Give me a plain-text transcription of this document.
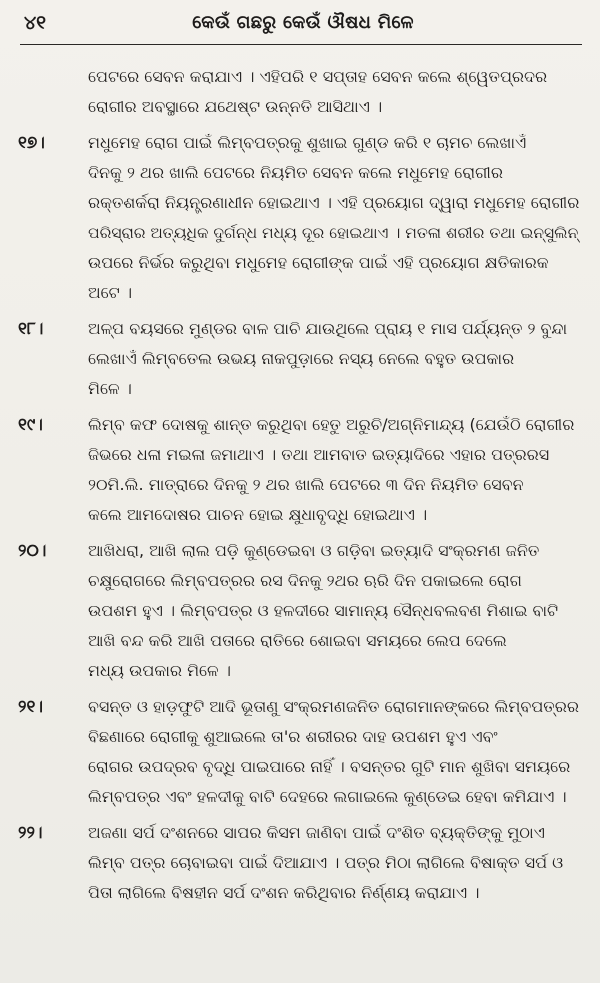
୪୧	କେଉଁ ଗଛରୁ କେଉଁ ଔଷଧ ମିଳେ
ପେଟରେ ସେବନ କରାଯାଏ । ଏହିପରି ୧ ସପ୍ତାହ ସେବନ କଲେ ଶ୍ୱେତପ୍ରଦର
ରୋଗୀର ଅବସ୍ଥାରେ ଯଥେଷ୍ଟ ଉନ୍ନତି ଆସିଥାଏ ।
୧୭।	ମଧୁମେହ ରୋଗ ପାଇଁ ଲିମ୍ବପତ୍ରକୁ ଶୁଖାଇ ଗୁଣ୍ଡ କରି ୧ ଚାମଚ ଲେଖାଏଁ
ଦିନକୁ ୨ ଥର ଖାଲି ପେଟରେ ନିୟମିତ ସେବନ କଲେ ମଧୁମେହ ରୋଗୀର
ରକ୍ତଶର୍କରା ନିୟନ୍ତ୍ରଣାଧୀନ ହୋଇଥାଏ । ଏହି ପ୍ରୟୋଗ ଦ୍ୱାରା ମଧୁମେହ ରୋଗୀର
ପରିସ୍ରାର ଅତ୍ୟଧିକ ଦୁର୍ଗନ୍ଧ ମଧ୍ୟ ଦୂର ହୋଇଥାଏ । ମତଳା ଶରୀର ତଥା ଇନ୍ସୁଲିନ୍
ଉପରେ ନିର୍ଭର କରୁଥିବା ମଧୁମେହ ରୋଗୀଙ୍କ ପାଇଁ ଏହି ପ୍ରୟୋଗ କ୍ଷତିକାରକ
ଅଟେ ।
୧୮।	ଅଳ୍ପ ବୟସରେ ମୁଣ୍ଡର ବାଳ ପାଚି ଯାଉଥିଲେ ପ୍ରାୟ ୧ ମାସ ପର୍ଯ୍ୟନ୍ତ ୨ ବୁନ୍ଦା
ଲେଖାଏଁ ଲିମ୍ବତେଲ ଉଭୟ ନାକପୁଡ଼ାରେ ନସ୍ୟ ନେଲେ ବହୁତ ଉପକାର
ମିଳେ ।
୧୯।	ଲିମ୍ବ କଫ ଦୋଷକୁ ଶାନ୍ତ କରୁଥିବା ହେତୁ ଅରୁଚି/ଅଗ୍ନିମାନ୍ଦ୍ୟ (ଯେଉଁଠି ରୋଗୀର
ଜିଭରେ ଧଳା ମଇଳା ଜମାଥାଏ । ତଥା ଆମବାତ ଇତ୍ୟାଦିରେ ଏହାର ପତ୍ରରସ
୨୦ମି.ଲି. ମାତ୍ରାରେ ଦିନକୁ ୨ ଥର ଖାଲି ପେଟରେ ୩ ଦିନ ନିୟମିତ ସେବନ
କଲେ ଆମଦୋଷର ପାଚନ ହୋଇ କ୍ଷୁଧାବୃଦ୍ଧି ହୋଇଥାଏ ।
୨୦।	ଆଖିଧରା, ଆଖି ଲାଲ ପଡ଼ି କୁଣ୍ଡେଇବା ଓ ଗଡ଼ିବା ଇତ୍ୟାଦି ସଂକ୍ରମଣ ଜନିତ
ଚକ୍ଷୁରୋଗରେ ଲିମ୍ବପତ୍ରର ରସ ଦିନକୁ ୨ଥର ଋରି ଦିନ ପକାଇଲେ ରୋଗ
ଉପଶମ ହୁଏ । ଲିମ୍ବପତ୍ର ଓ ହଳଦୀରେ ସାମାନ୍ୟ ସୈନ୍ଧବଲବଣ ମିଶାଇ ବାଟି
ଆଖି ବନ୍ଦ କରି ଆଖି ପତାରେ ରାତିରେ ଶୋଇବା ସମୟରେ ଲେପ ଦେଲେ
ମଧ୍ୟ ଉପକାର ମିଳେ ।
୨୧।	ବସନ୍ତ ଓ ହାଡ଼ଫୁଟି ଆଦି ଭୂତାଣୁ ସଂକ୍ରମଣଜନିତ ରୋଗମାନଙ୍କରେ ଲିମ୍ବପତ୍ରର
ବିଛଣାରେ ରୋଗୀକୁ ଶୁଆଇଲେ ତା'ର ଶରୀରର ଦାହ ଉପଶମ ହୁଏ ଏବଂ
ରୋଗର ଉପଦ୍ରବ ବୃଦ୍ଧି ପାଇପାରେ ନାହିଁ । ବସନ୍ତର ଗୁଟି ମାନ ଶୁଖିବା ସମୟରେ
ଲିମ୍ବପତ୍ର ଏବଂ ହଳଦୀକୁ ବାଟି ଦେହରେ ଲଗାଇଲେ କୁଣ୍ଡେଇ ହେବା କମିଯାଏ ।
୨୨।	ଅଜଣା ସର୍ପ ଦଂଶନରେ ସାପର କିସମ ଜାଣିବା ପାଇଁ ଦଂଶିତ ବ୍ୟକ୍ତିଙ୍କୁ ମୁଠାଏ
ଲିମ୍ବ ପତ୍ର ଚୋବାଇବା ପାଇଁ ଦିଆଯାଏ । ପତ୍ର ମିଠା ଲାଗିଲେ ବିଷାକ୍ତ ସର୍ପ ଓ
ପିତା ଲାଗିଲେ ବିଷହୀନ ସର୍ପ ଦଂଶନ କରିଥିବାର ନିର୍ଣ୍ଣୟ କରାଯାଏ ।
